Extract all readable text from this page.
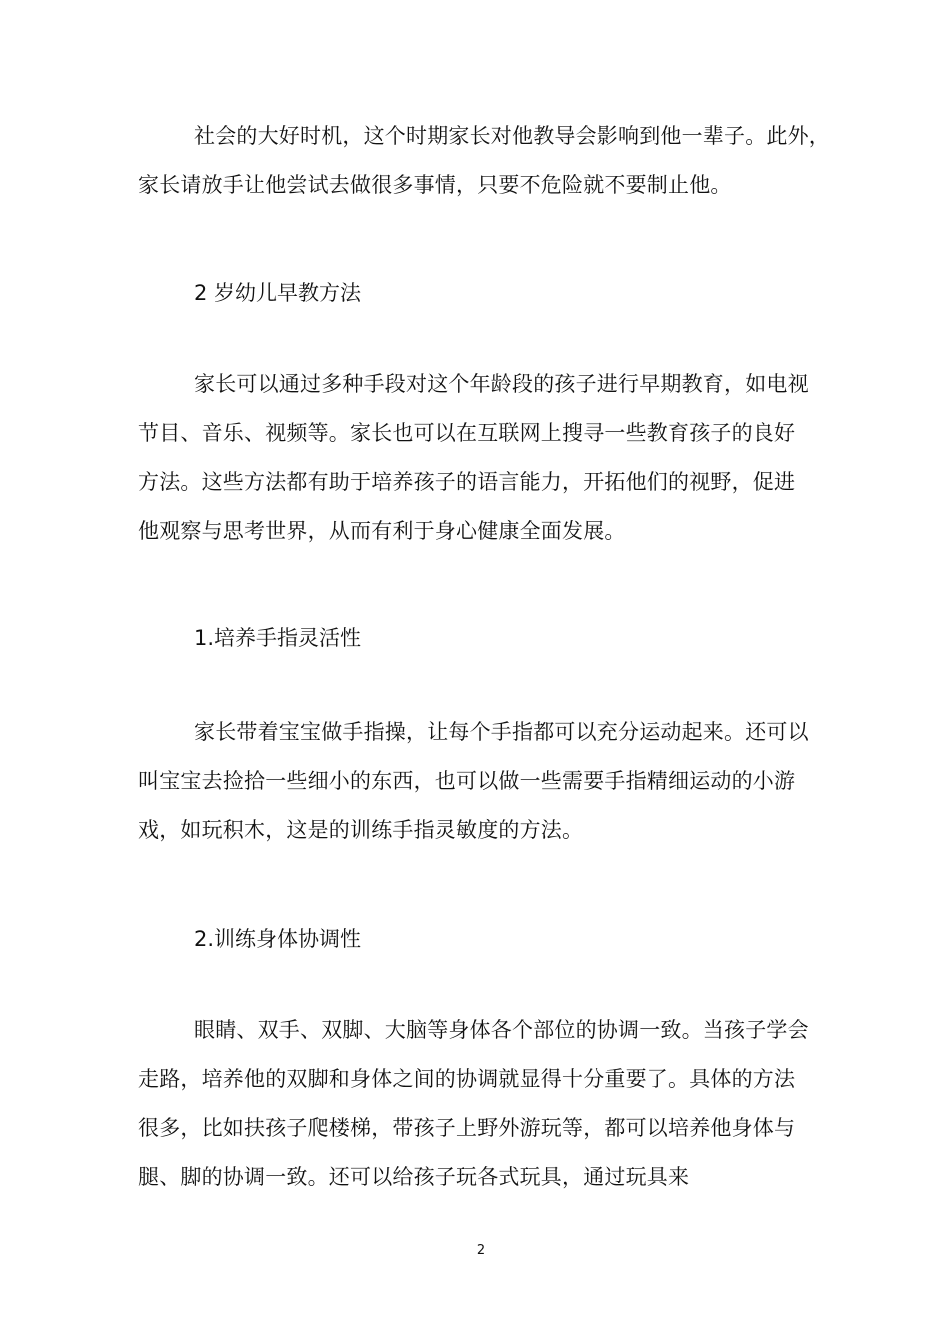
社会的大好时机，这个时期家长对他教导会影响到他一辈子。此外，
家长请放手让他尝试去做很多事情，只要不危险就不要制止他。

2 岁幼儿早教方法

家长可以通过多种手段对这个年龄段的孩子进行早期教育，如电视
节目、音乐、视频等。家长也可以在互联网上搜寻一些教育孩子的良好
方法。这些方法都有助于培养孩子的语言能力，开拓他们的视野，促进
他观察与思考世界，从而有利于身心健康全面发展。

1.培养手指灵活性

家长带着宝宝做手指操，让每个手指都可以充分运动起来。还可以
叫宝宝去捡拾一些细小的东西，也可以做一些需要手指精细运动的小游
戏，如玩积木，这是的训练手指灵敏度的方法。

2.训练身体协调性

眼睛、双手、双脚、大脑等身体各个部位的协调一致。当孩子学会
走路，培养他的双脚和身体之间的协调就显得十分重要了。具体的方法
很多，比如扶孩子爬楼梯，带孩子上野外游玩等，都可以培养他身体与
腿、脚的协调一致。还可以给孩子玩各式玩具，通过玩具来

2
